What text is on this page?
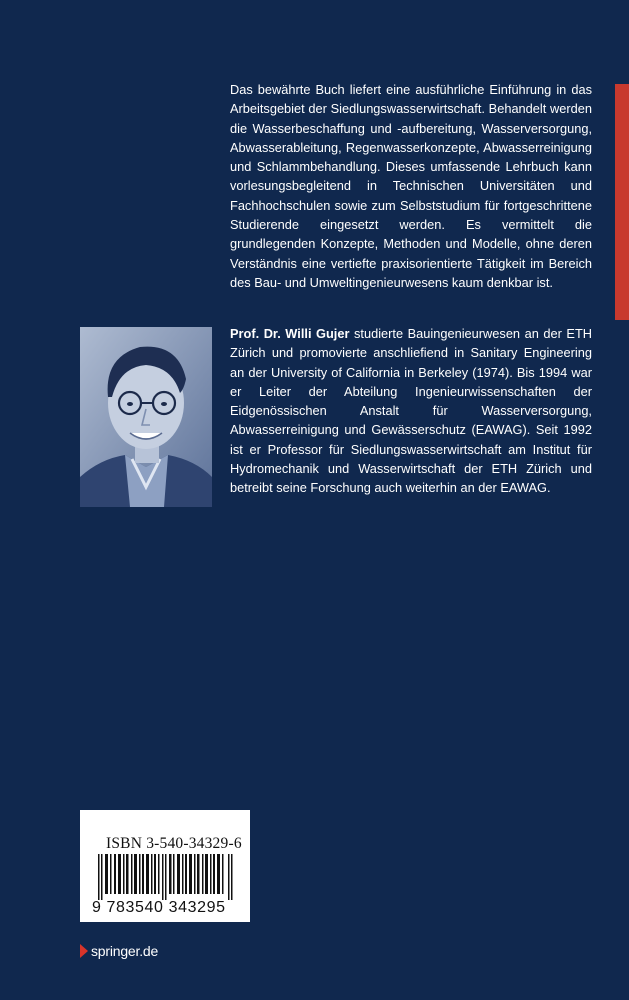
Das bewährte Buch liefert eine ausführliche Einführung in das Arbeitsgebiet der Siedlungswasserwirtschaft. Behandelt werden die Wasserbeschaffung und -aufbereitung, Wasserversorgung, Abwasserableitung, Regenwasserkonzepte, Abwasserreinigung und Schlammbehandlung. Dieses umfassende Lehrbuch kann vorlesungsbegleitend in Technischen Universitäten und Fachhochschulen sowie zum Selbststudium für fortgeschrittene Studierende eingesetzt werden. Es vermittelt die grundlegenden Konzepte, Methoden und Modelle, ohne deren Verständnis eine vertiefte praxisorientierte Tätigkeit im Bereich des Bau- und Umweltingenieurwesens kaum denkbar ist.

Prof. Dr. Willi Gujer studierte Bauingenieurwesen an der ETH Zürich und promovierte anschliefiend in Sanitary Engineering an der University of California in Berkeley (1974). Bis 1994 war er Leiter der Abteilung Ingenieurwissenschaften der Eidgenössischen Anstalt für Wasserversorgung, Abwasserreinigung und Gewässerschutz (EAWAG). Seit 1992 ist er Professor für Siedlungswasserwirtschaft am Institut für Hydromechanik und Wasserwirtschaft der ETH Zürich und betreibt seine Forschung auch weiterhin an der EAWAG.

ISBN 3-540-34329-6
9 783540 343295
springer.de
